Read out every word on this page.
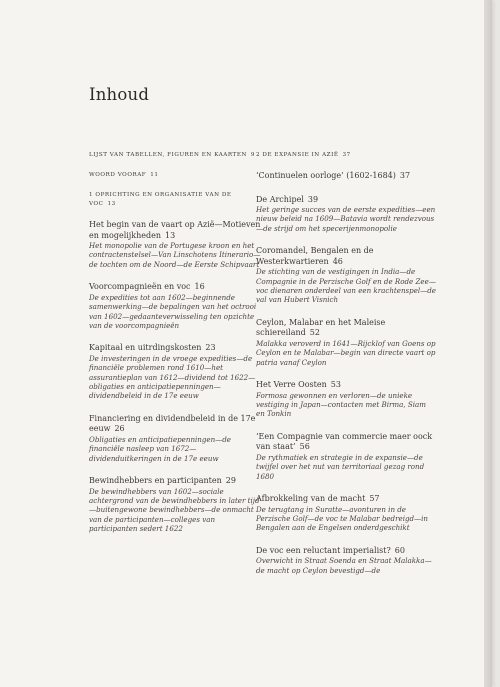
Inhoud
LIJST VAN TABELLEN, FIGUREN EN KAARTEN 9
WOORD VOORAF 11
1 OPRICHTING EN ORGANISATIE VAN DE VOC 13
Het begin van de vaart op Azië—Motieven en mogelijkheden 13
Het monopolie van de Portugese kroon en het contractenstelsel—Van Linschotens Itinerario—de tochten om de Noord—de Eerste Schipvaart
Voorcompagnieën en voc 16
De expedities tot aan 1602—beginnende samenwerking—de bepalingen van het octrooi van 1602—gedaanteverwisseling ten opzichte van de voorcompagnieën
Kapitaal en uitrdingskosten 23
De investeringen in de vroege expedities—de financiële problemen rond 1610—het assurantieplan van 1612—dividend tot 1622—obligaties en anticipatiepenningen—dividendbeleid in de 17e eeuw
Financiering en dividendbeleid in de 17e eeuw 26
Obligaties en anticipatiepenningen—de financiële nasleep van 1672—dividenduitkeringen in de 17e eeuw
Bewindhebbers en participanten 29
De bewindhebbers van 1602—sociale achtergrond van de bewindhebbers in later tijd—buitengewone bewindhebbers—de onmacht van de participanten—colleges van participanten sedert 1622
2 DE EXPANSIE IN AZIË 37
‘Continuelen oorloge’ (1602-1684) 37
De Archipel 39
Het geringe succes van de eerste expedities—een nieuw beleid na 1609—Batavia wordt rendezvous—de strijd om het specerijenmonopolie
Coromandel, Bengalen en de Westerkwartieren 46
De stichting van de vestigingen in India—de Compagnie in de Perzische Golf en de Rode Zee—voc dienaren onderdeel van een krachtenspel—de val van Hubert Visnich
Ceylon, Malabar en het Maleise schiereiland 52
Malakka veroverd in 1641—Rijcklof van Goens op Ceylon en te Malabar—begin van directe vaart op patria vanaf Ceylon
Het Verre Oosten 53
Formosa gewonnen en verloren—de unieke vestiging in Japan—contacten met Birma, Siam en Tonkin
‘Een Compagnie van commercie maer oock van staat’ 56
De rythmatiek en strategie in de expansie—de twijfel over het nut van territoriaal gezag rond 1680
Afbrokkeling van de macht 57
De terugtang in Suratte—avonturen in de Perzische Golf—de voc te Malabar bedreigd—in Bengalen aan de Engelsen onderdgeschikt
De voc een reluctant imperialist? 60
Overwicht in Straat Soenda en Straat Malakka—de macht op Ceylon bevestigd—de
